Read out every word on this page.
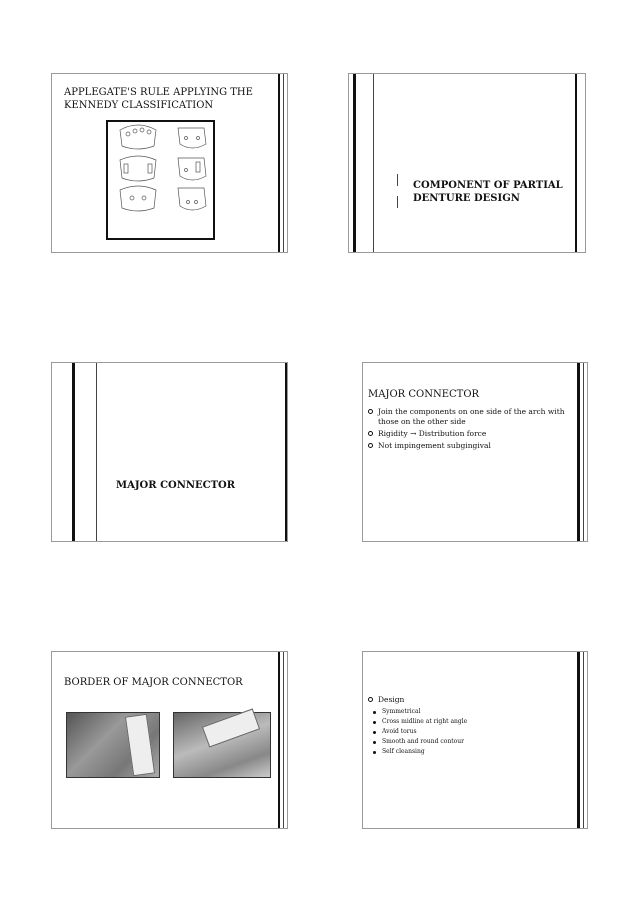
APPLEGATE'S RULE APPLYING THE KENNEDY CLASSIFICATION
COMPONENT OF PARTIAL DENTURE DESIGN
MAJOR CONNECTOR
MAJOR CONNECTOR
Join the components on one side of the arch with those on the other side
Rigidity → Distribution force
Not impingement subgingival
BORDER OF MAJOR CONNECTOR
Design
Symmetrical
Cross midline at right angle
Avoid torus
Smooth and round contour
Self cleansing
